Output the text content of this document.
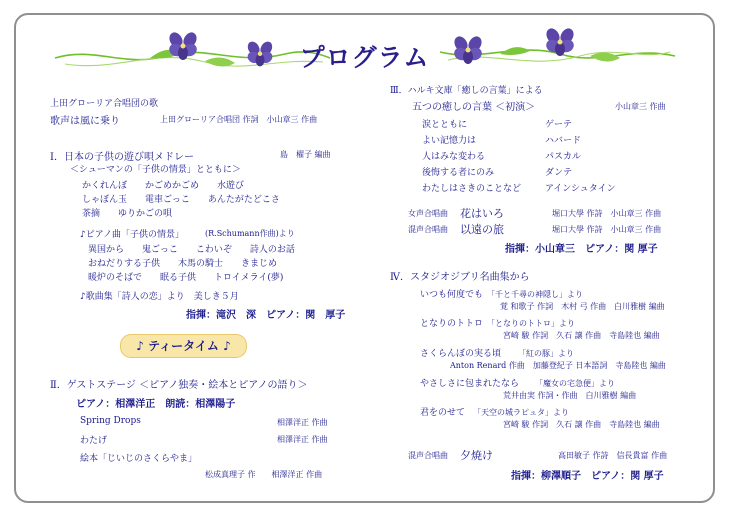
プログラム
上田グローリア合唱団の歌
歌声は風に乗り	上田グローリア合唱団 作詞　小山章三 作曲
Ⅰ．日本の子供の遊び唄メドレー	島　櫂子 編曲
＜シューマンの「子供の情景」とともに＞
かくれんぼ　　かごめかごめ　　水遊び
しゃぼん玉　　電車ごっこ　　あんたがたどこさ
茶摘　　ゆりかごの唄
♪ピアノ曲「子供の情景」	(R.Schumann作曲)より
異国から　　鬼ごっこ　　こわいぞ　　詩人のお話
おねだりする子供　　木馬の騎士　　きまじめ
暖炉のそばで　　眠る子供　　トロイメライ(夢)
♪歌曲集「詩人の恋」より　美しき５月
指揮：滝沢　深　ピアノ：関　厚子
♪ ティータイム ♪
Ⅱ．ゲストステージ ＜ピアノ独奏・絵本とピアノの語り＞
ピアノ：相澤洋正　朗読：相澤陽子
Spring Drops	相澤洋正 作曲
わたげ	相澤洋正 作曲
絵本「じいじのさくらやま」
松成真理子 作　　相澤洋正 作曲
Ⅲ．ハルキ文庫「癒しの言葉」による
五つの癒しの言葉 ＜初演＞	小山章三 作曲
涙とともに	ゲーテ
よい記憶力は	ハバード
人はみな変わる	パスカル
後悔する者にのみ	ダンテ
わたしはさきのことなど	アインシュタイン
女声合唱曲 花はいろ	堀口大學 作詩　小山章三 作曲
混声合唱曲 以遠の旅	堀口大學 作詩　小山章三 作曲
指揮：小山章三　ピアノ：関 厚子
Ⅳ．スタジオジブリ名曲集から
いつも何度でも 「千と千尋の神隠し」より
覚 和歌子 作詞　木村 弓 作曲　白川雅樹 編曲
となりのトトロ 「となりのトトロ」より
宮崎 駿 作詞　久石 譲 作曲　寺島陸也 編曲
さくらんぼの実る頃 「紅の豚」より
Anton Renard 作曲　加藤登紀子 日本語詞　寺島陸也 編曲
やさしさに包まれたなら 「魔女の宅急便」より
荒井由実 作詞・作曲　白川雅樹 編曲
君をのせて 「天空の城ラピュタ」より
宮崎 駿 作詞　久石 譲 作曲　寺島陸也 編曲
混声合唱曲 夕焼け	高田敏子 作詩　信長貴富 作曲
指揮：柳澤順子　ピアノ：関 厚子
